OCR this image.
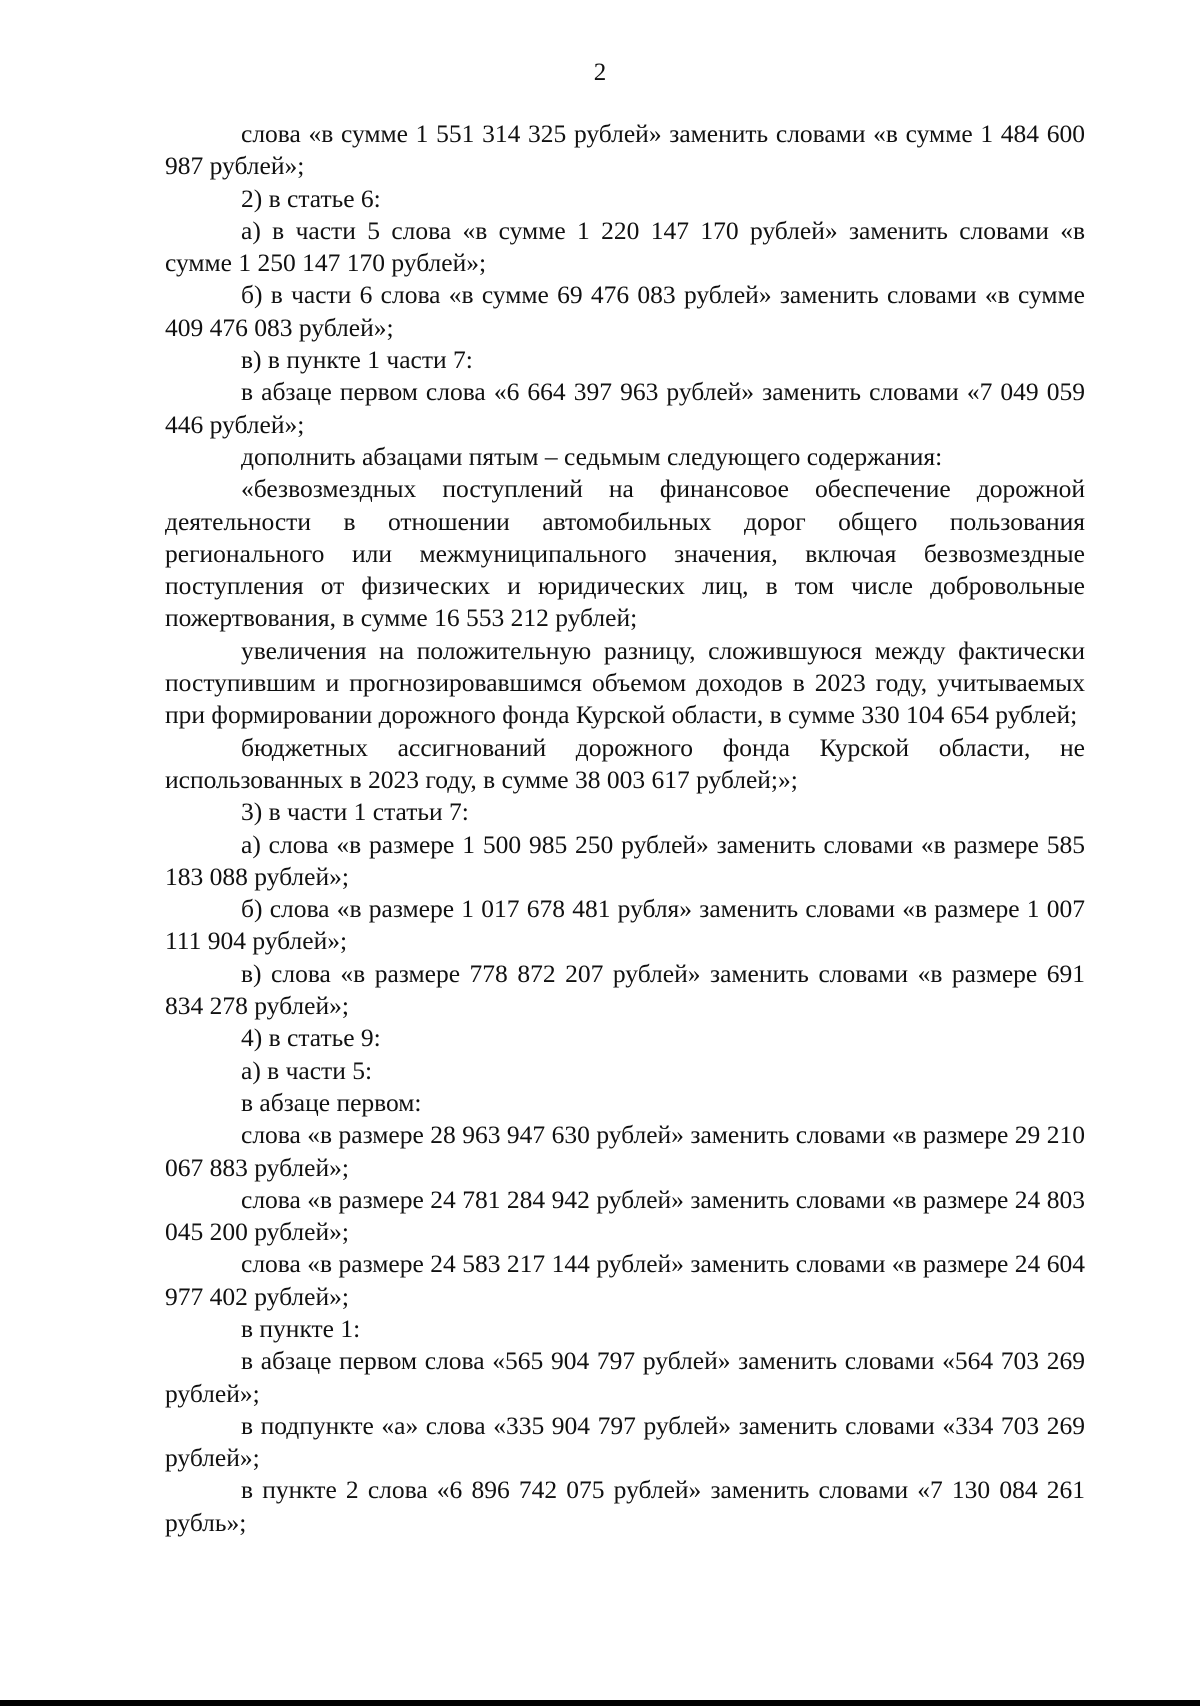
2

слова «в сумме 1 551 314 325 рублей» заменить словами «в сумме 1 484 600 987 рублей»;

2) в статье 6:

а) в части 5 слова «в сумме 1 220 147 170 рублей» заменить словами «в сумме 1 250 147 170 рублей»;

б) в части 6 слова «в сумме 69 476 083 рублей» заменить словами «в сумме 409 476 083 рублей»;

в) в пункте 1 части 7:

в абзаце первом слова «6 664 397 963 рублей» заменить словами «7 049 059 446 рублей»;

дополнить абзацами пятым – седьмым следующего содержания:

«безвозмездных поступлений на финансовое обеспечение дорожной деятельности в отношении автомобильных дорог общего пользования регионального или межмуниципального значения, включая безвозмездные поступления от физических и юридических лиц, в том числе добровольные пожертвования, в сумме 16 553 212 рублей;

увеличения на положительную разницу, сложившуюся между фактически поступившим и прогнозировавшимся объемом доходов в 2023 году, учитываемых при формировании дорожного фонда Курской области, в сумме 330 104 654 рублей;

бюджетных ассигнований дорожного фонда Курской области, не использованных в 2023 году, в сумме 38 003 617 рублей;»;

3) в части 1 статьи 7:

а) слова «в размере 1 500 985 250 рублей» заменить словами «в размере 585 183 088 рублей»;

б) слова «в размере 1 017 678 481 рубля» заменить словами «в размере 1 007 111 904 рублей»;

в) слова «в размере 778 872 207 рублей» заменить словами «в размере 691 834 278 рублей»;

4) в статье 9:

а) в части 5:

в абзаце первом:

слова «в размере 28 963 947 630 рублей» заменить словами «в размере 29 210 067 883 рублей»;

слова «в размере 24 781 284 942 рублей» заменить словами «в размере 24 803 045 200 рублей»;

слова «в размере 24 583 217 144 рублей» заменить словами «в размере 24 604 977 402 рублей»;

в пункте 1:

в абзаце первом слова «565 904 797 рублей» заменить словами «564 703 269 рублей»;

в подпункте «а» слова «335 904 797 рублей» заменить словами «334 703 269 рублей»;

в пункте 2 слова «6 896 742 075 рублей» заменить словами «7 130 084 261 рубль»;
